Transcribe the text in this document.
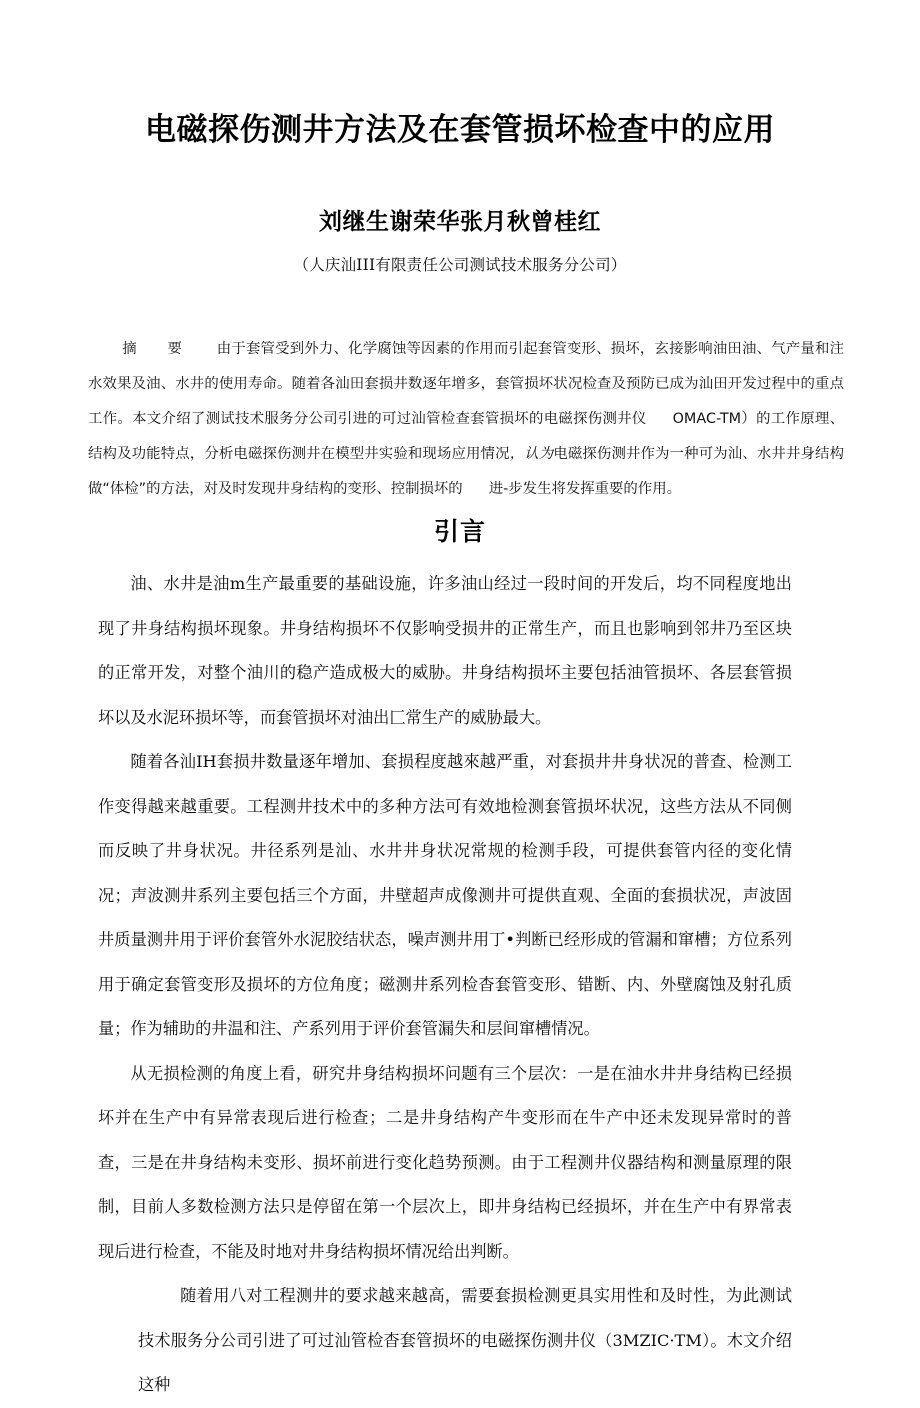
电磁探伤测井方法及在套管损坏检查中的应用
刘继生谢荣华张月秋曾桂红
（人庆汕III有限责任公司测试技术服务分公司）
摘 要 由于套管受到外力、化学腐蚀等因素的作用而引起套管变形、损坏，玄接影响油田油、气产量和注水效果及油、水井的使用寿命。随着各汕田套损井数逐年增多，套管损坏状况检查及预防已成为汕田开发过程中的重点工作。本文介绍了测试技术服务分公司引进的可过汕管检查套管损坏的电磁探伤测井仪 OMAC-TM）的工作原理、结构及功能特点，分析电磁探伤测井在模型井实验和现场应用情况，认为电磁探伤测井作为一种可为汕、水井井身结构做“体检”的方法，对及时发现井身结构的变形、控制损坏的 进-步发生将发挥重要的作用。
引言

油、水井是油m生产最重要的基础设施，许多油山经过一段时间的开发后，均不同程度地出现了井身结构损坏现象。井身结构损坏不仅影响受损井的正常生产，而且也影响到邻井乃至区块的正常开发，对整个油川的稳产造成极大的威胁。井身结构损坏主要包括油管损坏、各层套管损坏以及水泥环损坏等，而套管损坏对油出匚常生产的威胁最大。

随着各汕IH套损井数量逐年增加、套损程度越來越严重，对套损井井身状况的普查、检测工作变得越来越重要。工程测井技术中的多种方法可有效地检测套管损坏状况，这些方法从不同侧而反映了井身状况。井径系列是汕、水井井身状况常规的检测手段，可提供套管内径的变化情况；声波测井系列主要包括三个方面，井壁超声成像测井可提供直观、全面的套损状况，声波固井质量测井用于评价套管外水泥胶结状态，噪声测井用丁•判断已经形成的管漏和窜槽；方位系列用于确定套管变形及损坏的方位角度；磁测井系列检杳套管变形、错断、内、外壁腐蚀及射孔质量；作为辅助的井温和注、产系列用于评价套管漏失和层间窜槽情况。

从无损检测的角度上看，研究井身结构损坏问题有三个层次：一是在油水井井身结构已经损坏并在生产中有异常表现后进行检查；二是井身结构产牛变形而在牛产中还未发现异常时的普查，三是在井身结构未变形、损坏前进行变化趋势预测。由于工程测井仪器结构和测量原理的限制，目前人多数检测方法只是停留在第一个层次上，即井身结构已经损坏，并在生产中有界常表现后进行检查，不能及时地对井身结构损坏情况给出判断。

随着用八对工程测井的要求越来越高，需要套损检测更具实用性和及时性，为此测试技术服务分公司引进了可过汕管检杳套管损坏的电磁探伤测井仪（3MZIC·TM）。木文介绍这种
